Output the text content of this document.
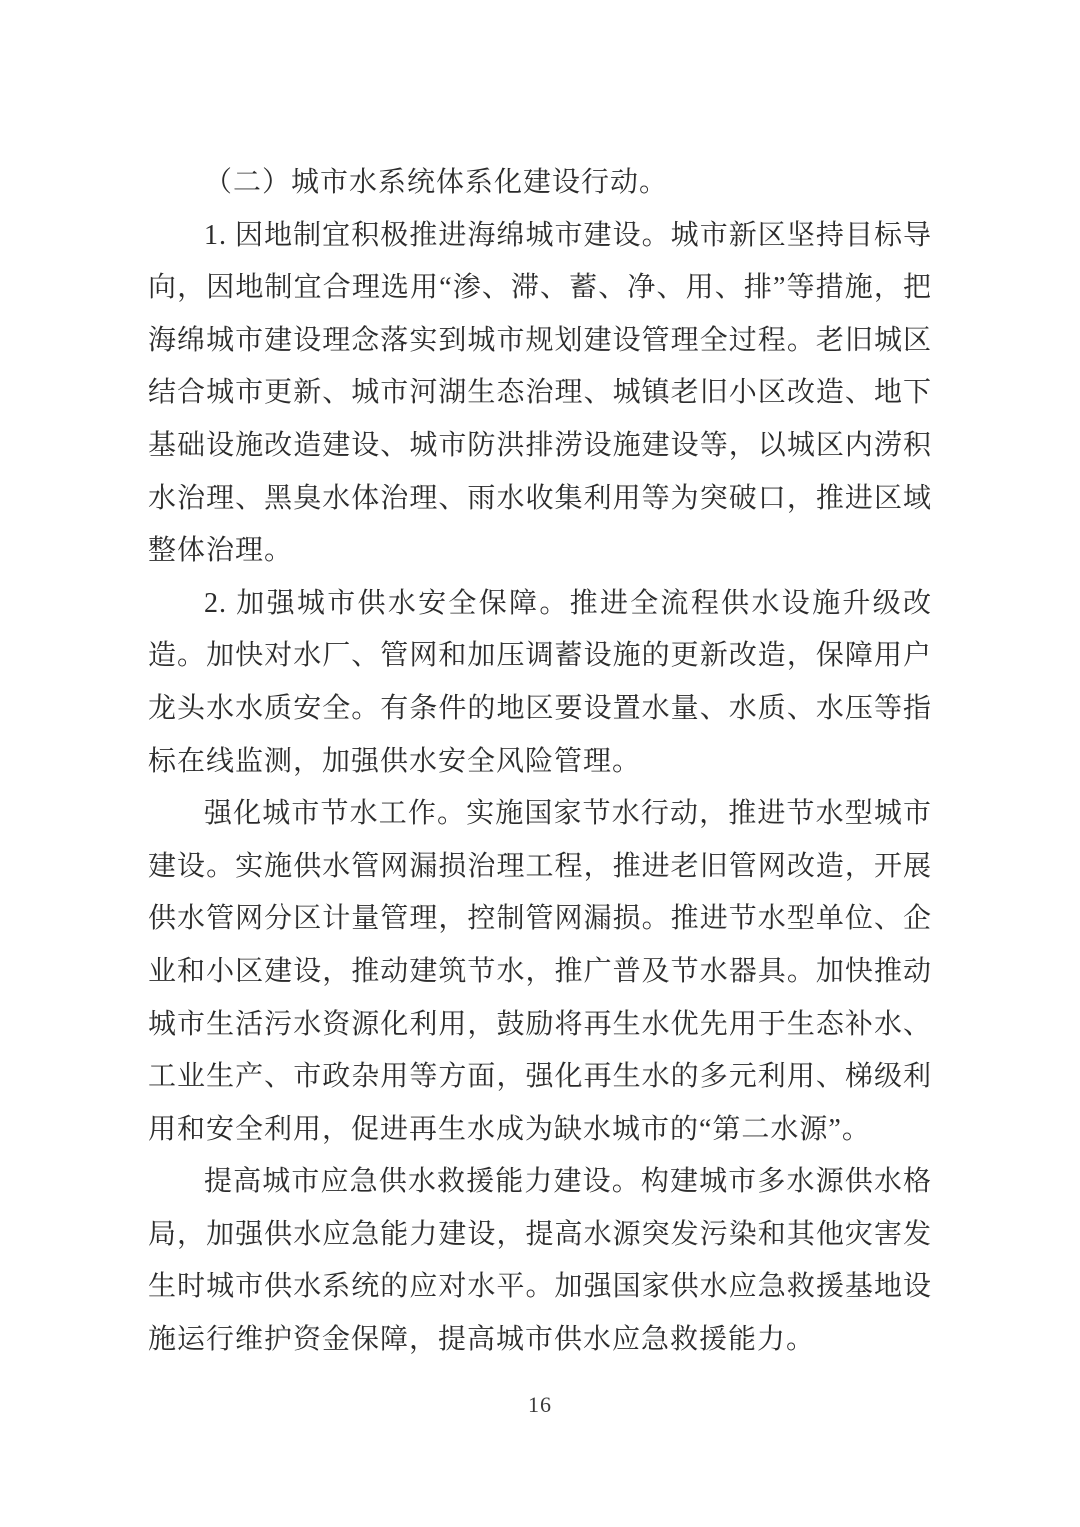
（二）城市水系统体系化建设行动。

1. 因地制宜积极推进海绵城市建设。城市新区坚持目标导向，因地制宜合理选用“渗、滞、蓄、净、用、排”等措施，把海绵城市建设理念落实到城市规划建设管理全过程。老旧城区结合城市更新、城市河湖生态治理、城镇老旧小区改造、地下基础设施改造建设、城市防洪排涝设施建设等，以城区内涝积水治理、黑臭水体治理、雨水收集利用等为突破口，推进区域整体治理。

2. 加强城市供水安全保障。推进全流程供水设施升级改造。加快对水厂、管网和加压调蓄设施的更新改造，保障用户龙头水水质安全。有条件的地区要设置水量、水质、水压等指标在线监测，加强供水安全风险管理。

强化城市节水工作。实施国家节水行动，推进节水型城市建设。实施供水管网漏损治理工程，推进老旧管网改造，开展供水管网分区计量管理，控制管网漏损。推进节水型单位、企业和小区建设，推动建筑节水，推广普及节水器具。加快推动城市生活污水资源化利用，鼓励将再生水优先用于生态补水、工业生产、市政杂用等方面，强化再生水的多元利用、梯级利用和安全利用，促进再生水成为缺水城市的“第二水源”。

提高城市应急供水救援能力建设。构建城市多水源供水格局，加强供水应急能力建设，提高水源突发污染和其他灾害发生时城市供水系统的应对水平。加强国家供水应急救援基地设施运行维护资金保障，提高城市供水应急救援能力。

16
